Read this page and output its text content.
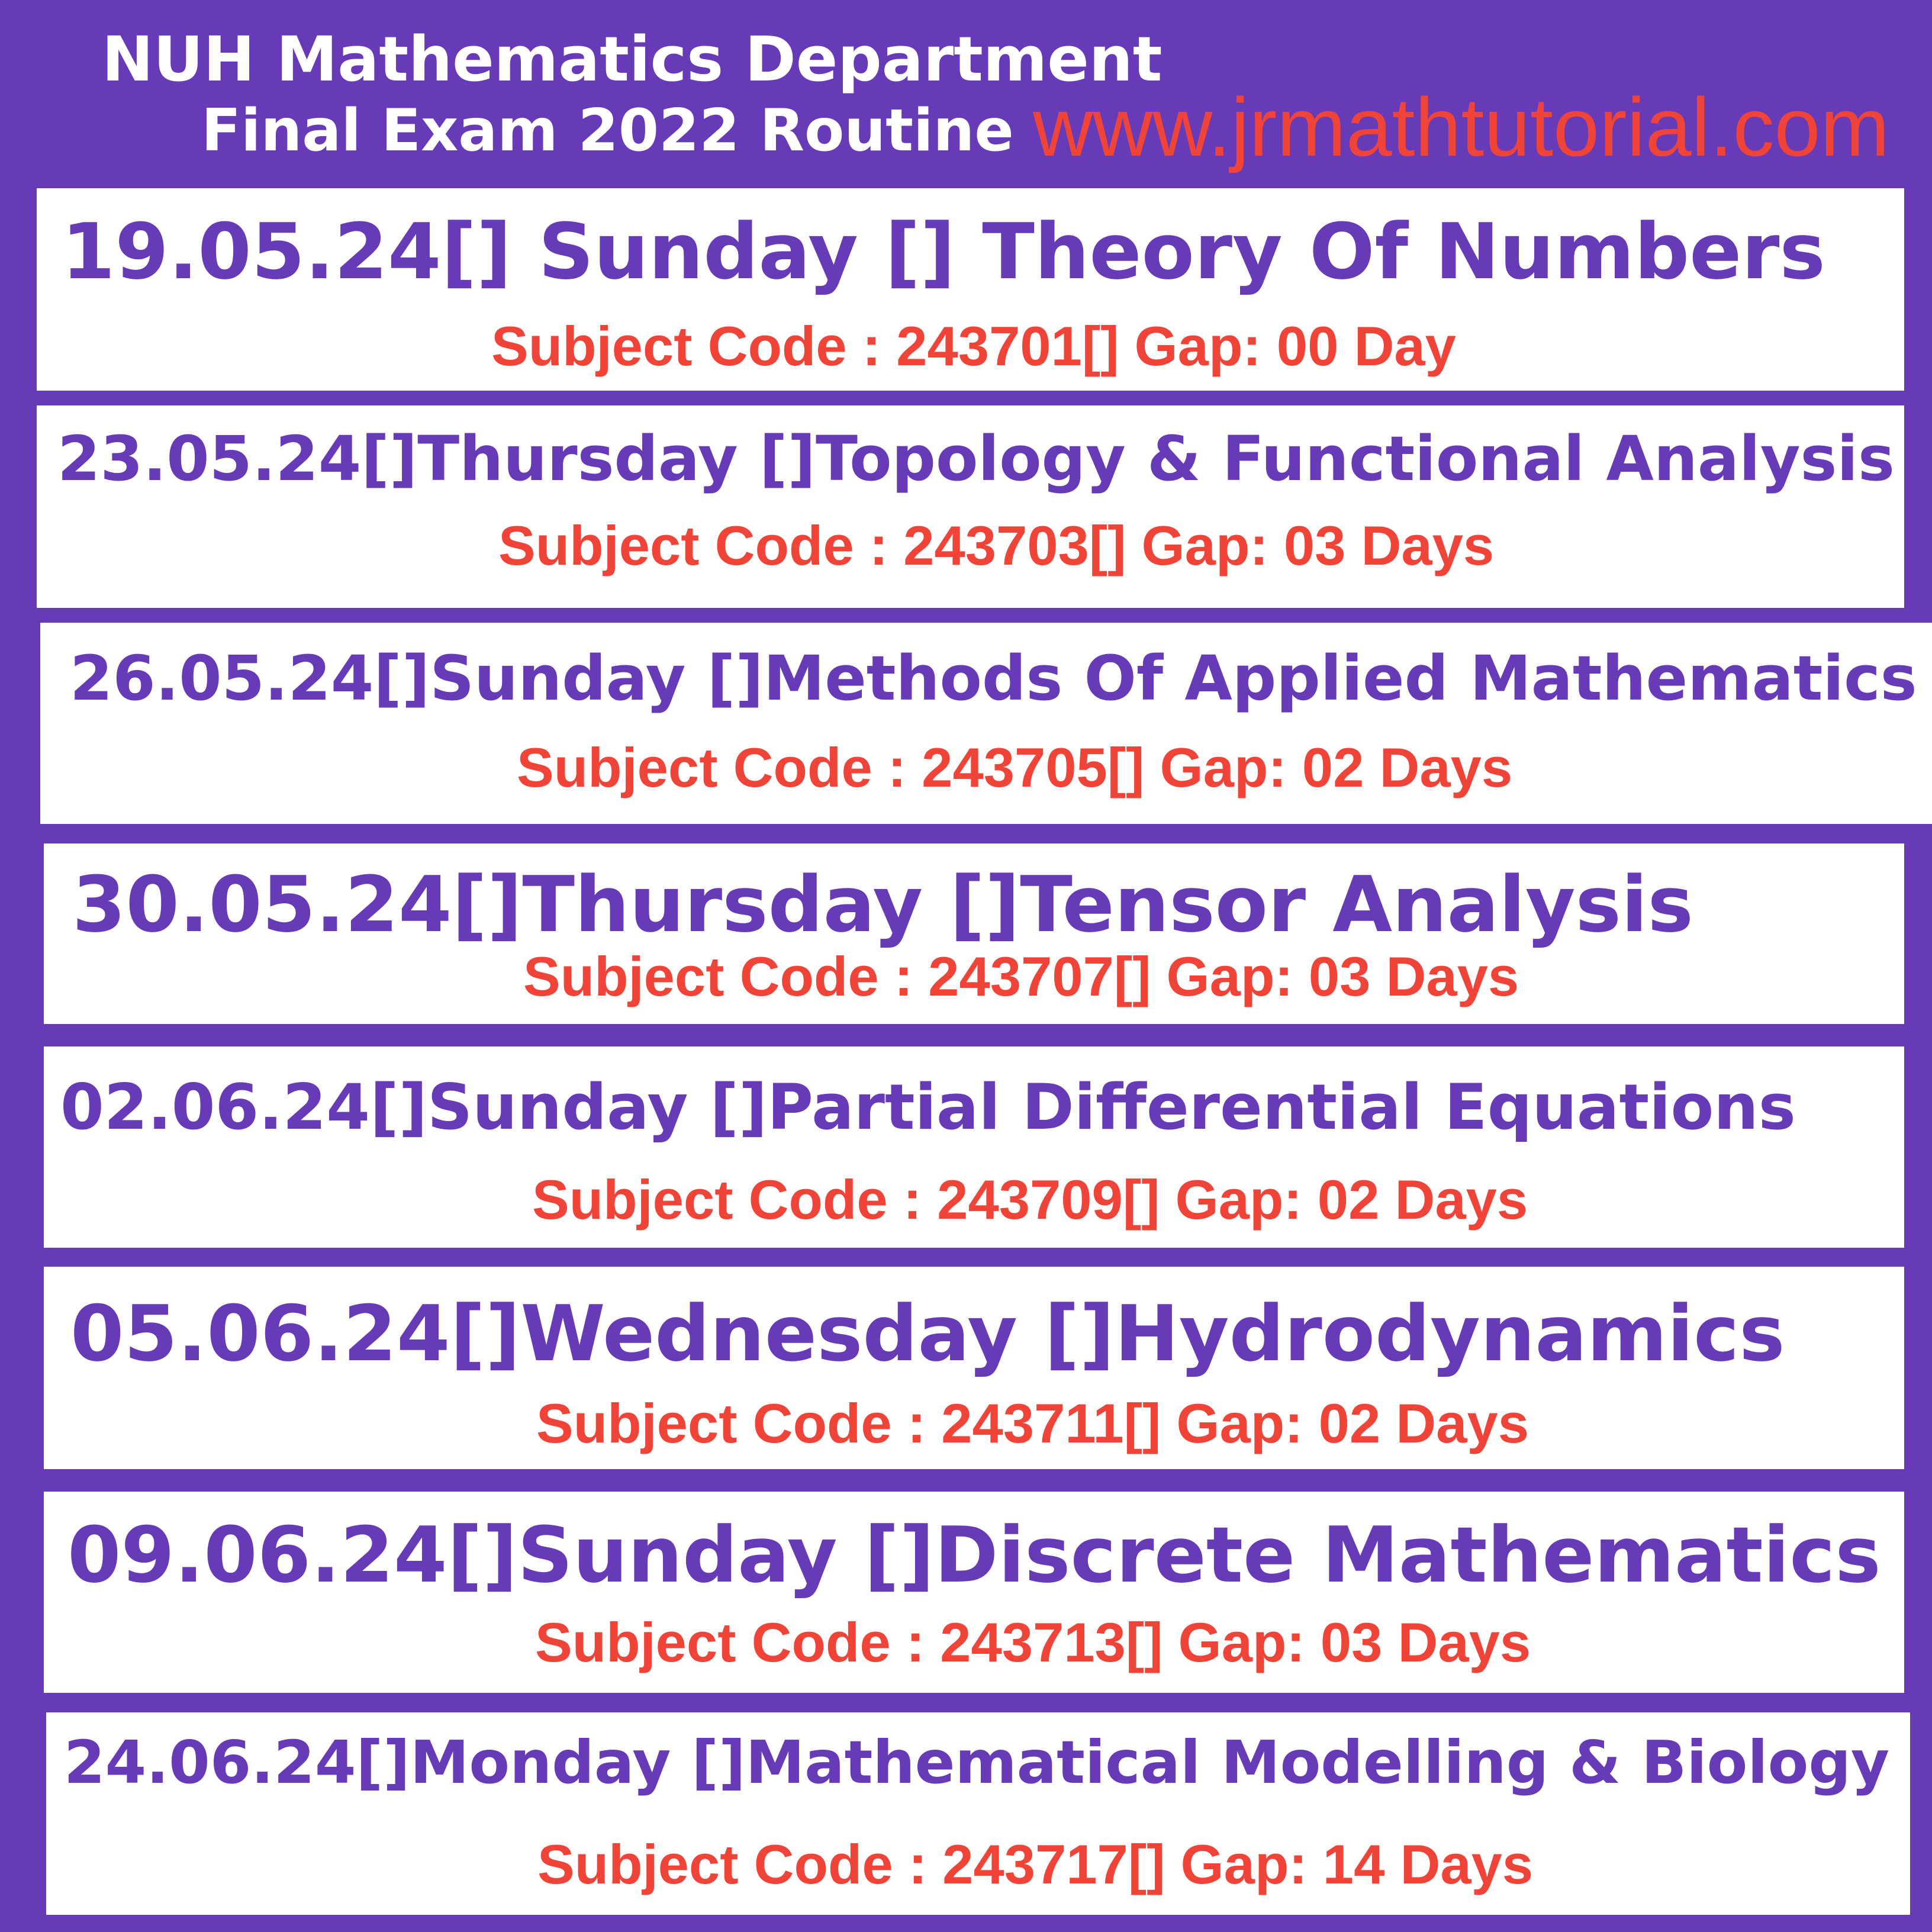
NUH Mathematics Department
Final Exam 2022 Routine www.jrmathtutorial.com
19.05.24[] Sunday [] Theory Of Numbers
Subject Code : 243701[] Gap: 00 Day
23.05.24[]Thursday []Topology & Functional Analysis
Subject Code : 243703[] Gap: 03 Days
26.05.24[]Sunday []Methods Of Applied Mathematics
Subject Code : 243705[] Gap: 02 Days
30.05.24[]Thursday []Tensor Analysis
Subject Code : 243707[] Gap: 03 Days
02.06.24[]Sunday []Partial Differential Equations
Subject Code : 243709[] Gap: 02 Days
05.06.24[]Wednesday []Hydrodynamics
Subject Code : 243711[] Gap: 02 Days
09.06.24[]Sunday []Discrete Mathematics
Subject Code : 243713[] Gap: 03 Days
24.06.24[]Monday []Mathematical Modelling & Biology
Subject Code : 243717[] Gap: 14 Days
